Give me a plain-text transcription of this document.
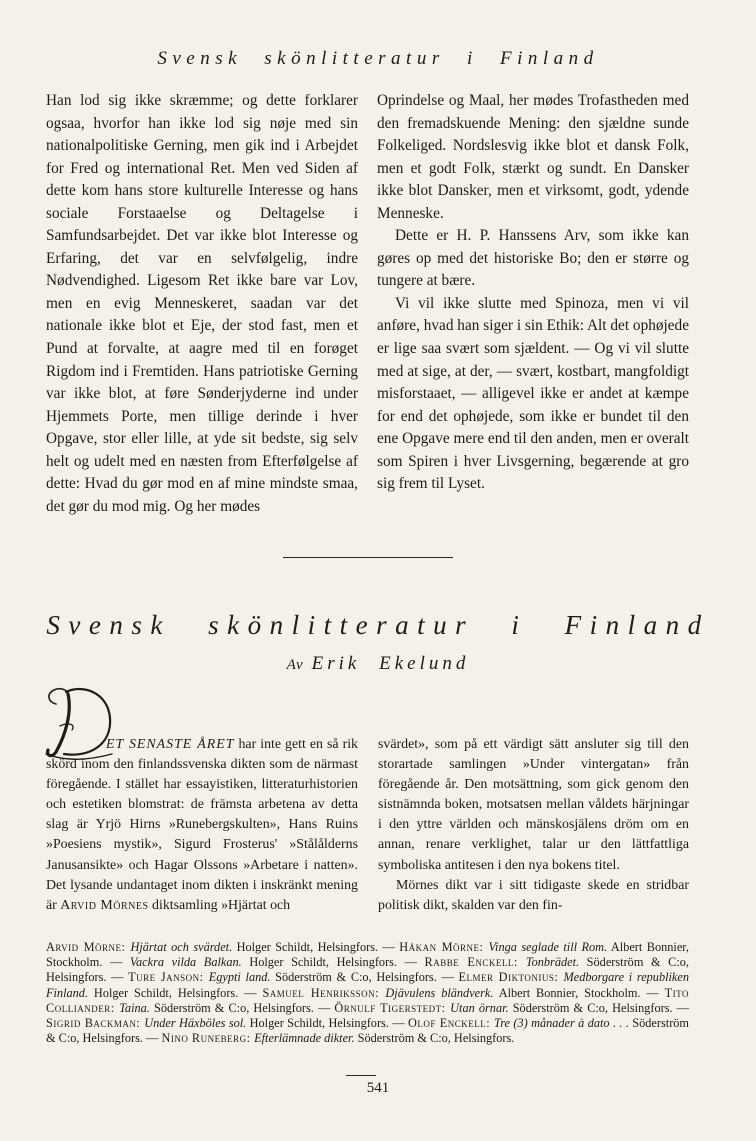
Svensk skönlitteratur i Finland

Han lod sig ikke skræmme; og dette forklarer ogsaa, hvorfor han ikke lod sig nøje med sin nationalpolitiske Gerning, men gik ind i Arbejdet for Fred og international Ret. Men ved Siden af dette kom hans store kulturelle Interesse og hans sociale Forstaaelse og Deltagelse i Samfundsarbejdet. Det var ikke blot Interesse og Erfaring, det var en selvfølgelig, indre Nødvendighed. Ligesom Ret ikke bare var Lov, men en evig Menneskeret, saadan var det nationale ikke blot et Eje, der stod fast, men et Pund at forvalte, at aagre med til en forøget Rigdom ind i Fremtiden. Hans patriotiske Gerning var ikke blot, at føre Sønderjyderne ind under Hjemmets Porte, men tillige derinde i hver Opgave, stor eller lille, at yde sit bedste, sig selv helt og udelt med en næsten from Efterfølgelse af dette: Hvad du gør mod en af mine mindste smaa, det gør du mod mig. Og her mødes

Oprindelse og Maal, her mødes Trofastheden med den fremadskuende Mening: den sjældne sunde Folkeliged. Nordslesvig ikke blot et dansk Folk, men et godt Folk, stærkt og sundt. En Dansker ikke blot Dansker, men et virksomt, godt, ydende Menneske.

Dette er H. P. Hanssens Arv, som ikke kan gøres op med det historiske Bo; den er større og tungere at bære.

Vi vil ikke slutte med Spinoza, men vi vil anføre, hvad han siger i sin Ethik: Alt det ophøjede er lige saa svært som sjældent. — Og vi vil slutte med at sige, at der, — svært, kostbart, mangfoldigt misforstaaet, — alligevel ikke er andet at kæmpe for end det ophøjede, som ikke er bundet til den ene Opgave mere end til den anden, men er overalt som Spiren i hver Livsgerning, begærende at gro sig frem til Lyset.

Svensk skönlitteratur i Finland
Av Erik Ekelund
D

ET SENASTE ÅRET har inte gett en så rik skörd inom den finlandssvenska dikten som de närmast föregående. I stället har essayistiken, litteraturhistorien och estetiken blomstrat: de främsta arbetena av detta slag är Yrjö Hirns »Runebergskulten», Hans Ruins »Poesiens mystik», Sigurd Frosterus' »Stålålderns Janusansikte» och Hagar Olssons »Arbetare i natten». Det lysande undantaget inom dikten i inskränkt mening är Arvid Mörnes diktsamling »Hjärtat och

svärdet», som på ett värdigt sätt ansluter sig till den storartade samlingen »Under vintergatan» från föregående år. Den motsättning, som gick genom den sistnämnda boken, motsatsen mellan våldets härjningar i den yttre världen och mänskosjälens dröm om en annan, renare verklighet, talar ur den lättfattliga symboliska antitesen i den nya bokens titel.

Mörnes dikt var i sitt tidigaste skede en stridbar politisk dikt, skalden var den fin-

Arvid Mörne: Hjärtat och svärdet. Holger Schildt, Helsingfors. — Håkan Mörne: Vinga seglade till Rom. Albert Bonnier, Stockholm. — Vackra vilda Balkan. Holger Schildt, Helsingfors. — Rabbe Enckell: Tonbrädet. Söderström & C:o, Helsingfors. — Ture Janson: Egypti land. Söderström & C:o, Helsingfors. — Elmer Diktonius: Medborgare i republiken Finland. Holger Schildt, Helsingfors. — Samuel Henriksson: Djävulens bländverk. Albert Bonnier, Stockholm. — Tito Colliander: Taina. Söderström & C:o, Helsingfors. — Örnulf Tigerstedt: Utan örnar. Söderström & C:o, Helsingfors. — Sigrid Backman: Under Häxböles sol. Holger Schildt, Helsingfors. — Olof Enckell: Tre (3) månader à dato . . . Söderström & C:o, Helsingfors. — Nino Runeberg: Efterlämnade dikter. Söderström & C:o, Helsingfors.

541
